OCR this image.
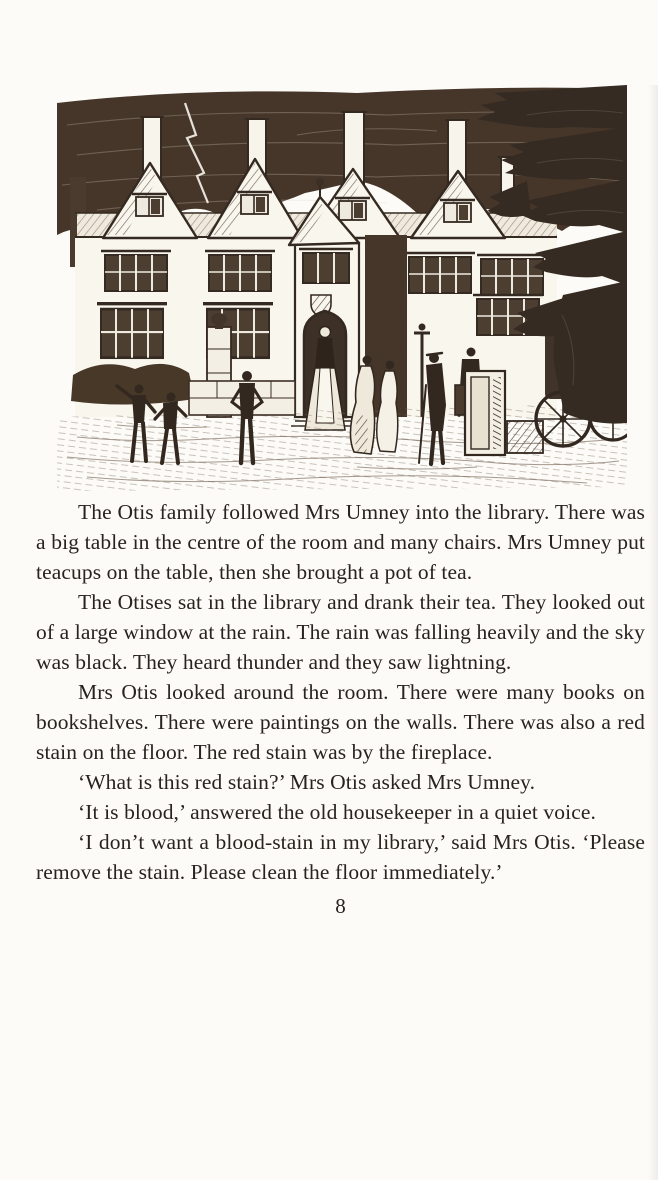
The Otis family followed Mrs Umney into the library. There was a big table in the centre of the room and many chairs. Mrs Umney put teacups on the table, then she brought a pot of tea.

The Otises sat in the library and drank their tea. They looked out of a large window at the rain. The rain was falling heavily and the sky was black. They heard thunder and they saw lightning.

Mrs Otis looked around the room. There were many books on bookshelves. There were paintings on the walls. There was also a red stain on the floor. The red stain was by the fireplace.

‘What is this red stain?’ Mrs Otis asked Mrs Umney.

‘It is blood,’ answered the old housekeeper in a quiet voice.

‘I don’t want a blood-stain in my library,’ said Mrs Otis. ‘Please remove the stain. Please clean the floor immediately.’

8
